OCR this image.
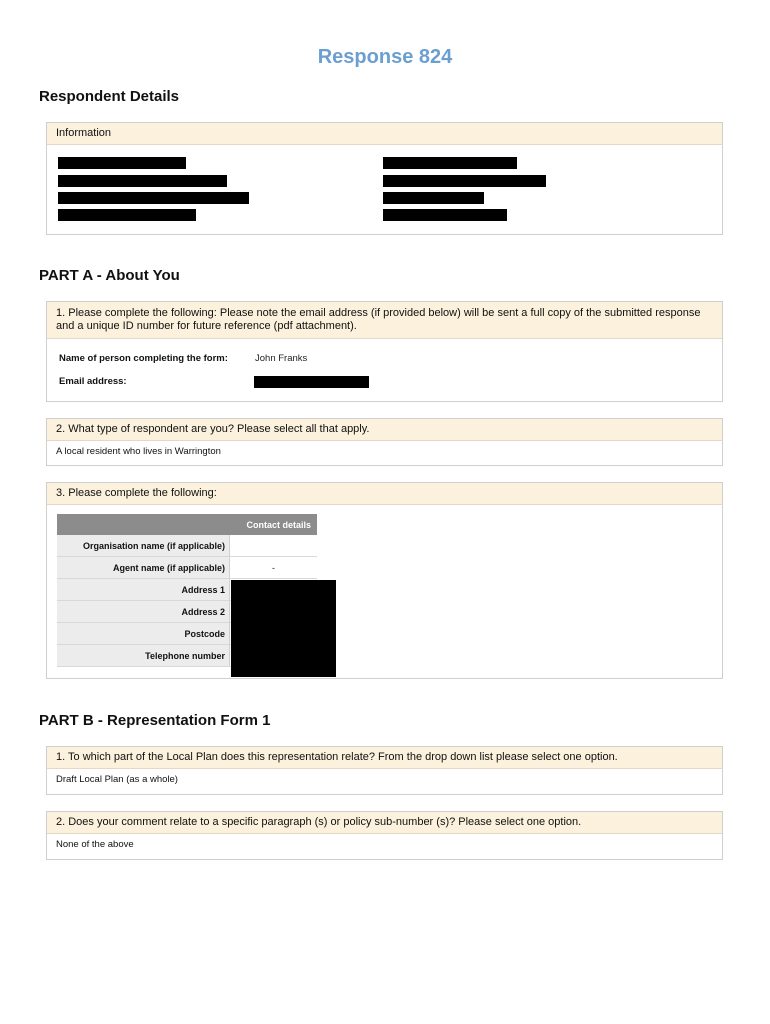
Response 824
Respondent Details
Information
PART A - About You
1. Please complete the following: Please note the email address (if provided below) will be sent a full copy of the submitted response and a unique ID number for future reference (pdf attachment).
Name of person completing the form:	John Franks
Email address:
2. What type of respondent are you? Please select all that apply.
A local resident who lives in Warrington
3. Please complete the following:
Contact details	
Organisation name (if applicable)	
Agent name (if applicable)	-
Address 1	
Address 2	
Postcode	
Telephone number	
PART B - Representation Form 1
1. To which part of the Local Plan does this representation relate? From the drop down list please select one option.
Draft Local Plan (as a whole)
2. Does your comment relate to a specific paragraph (s) or policy sub-number (s)? Please select one option.
None of the above
